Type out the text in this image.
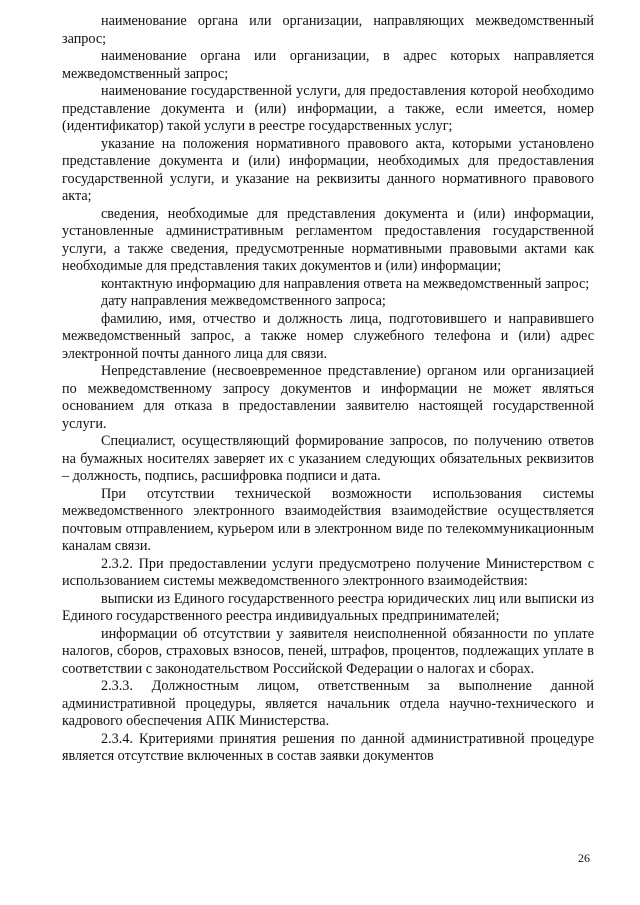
наименование органа или организации, направляющих межведомственный запрос;

наименование органа или организации, в адрес которых направляется межведомственный запрос;

наименование государственной услуги, для предоставления которой необходимо представление документа и (или) информации, а также, если имеется, номер (идентификатор) такой услуги в реестре государственных услуг;

указание на положения нормативного правового акта, которыми установлено представление документа и (или) информации, необходимых для предоставления государственной услуги, и указание на реквизиты данного нормативного правового акта;

сведения, необходимые для представления документа и (или) информации, установленные административным регламентом предоставления государственной услуги, а также сведения, предусмотренные нормативными правовыми актами как необходимые для представления таких документов и (или) информации;

контактную информацию для направления ответа на межведомственный запрос;

дату направления межведомственного запроса;

фамилию, имя, отчество и должность лица, подготовившего и направившего межведомственный запрос, а также номер служебного телефона и (или) адрес электронной почты данного лица для связи.

Непредставление (несвоевременное представление) органом или организацией по межведомственному запросу документов и информации не может являться основанием для отказа в предоставлении заявителю настоящей государственной услуги.

Специалист, осуществляющий формирование запросов, по получению ответов на бумажных носителях заверяет их с указанием следующих обязательных реквизитов – должность, подпись, расшифровка подписи и дата.

При отсутствии технической возможности использования системы межведомственного электронного взаимодействия взаимодействие осуществляется почтовым отправлением, курьером или в электронном виде по телекоммуникационным каналам связи.

2.3.2. При предоставлении услуги предусмотрено получение Министерством с использованием системы межведомственного электронного взаимодействия:

выписки из Единого государственного реестра юридических лиц или выписки из Единого государственного реестра индивидуальных предпринимателей;

информации об отсутствии у заявителя неисполненной обязанности по уплате налогов, сборов, страховых взносов, пеней, штрафов, процентов, подлежащих уплате в соответствии с законодательством Российской Федерации о налогах и сборах.

2.3.3. Должностным лицом, ответственным за выполнение данной административной процедуры, является начальник отдела научно-технического и кадрового обеспечения АПК Министерства.

2.3.4. Критериями принятия решения по данной административной процедуре является отсутствие включенных в состав заявки документов

26
